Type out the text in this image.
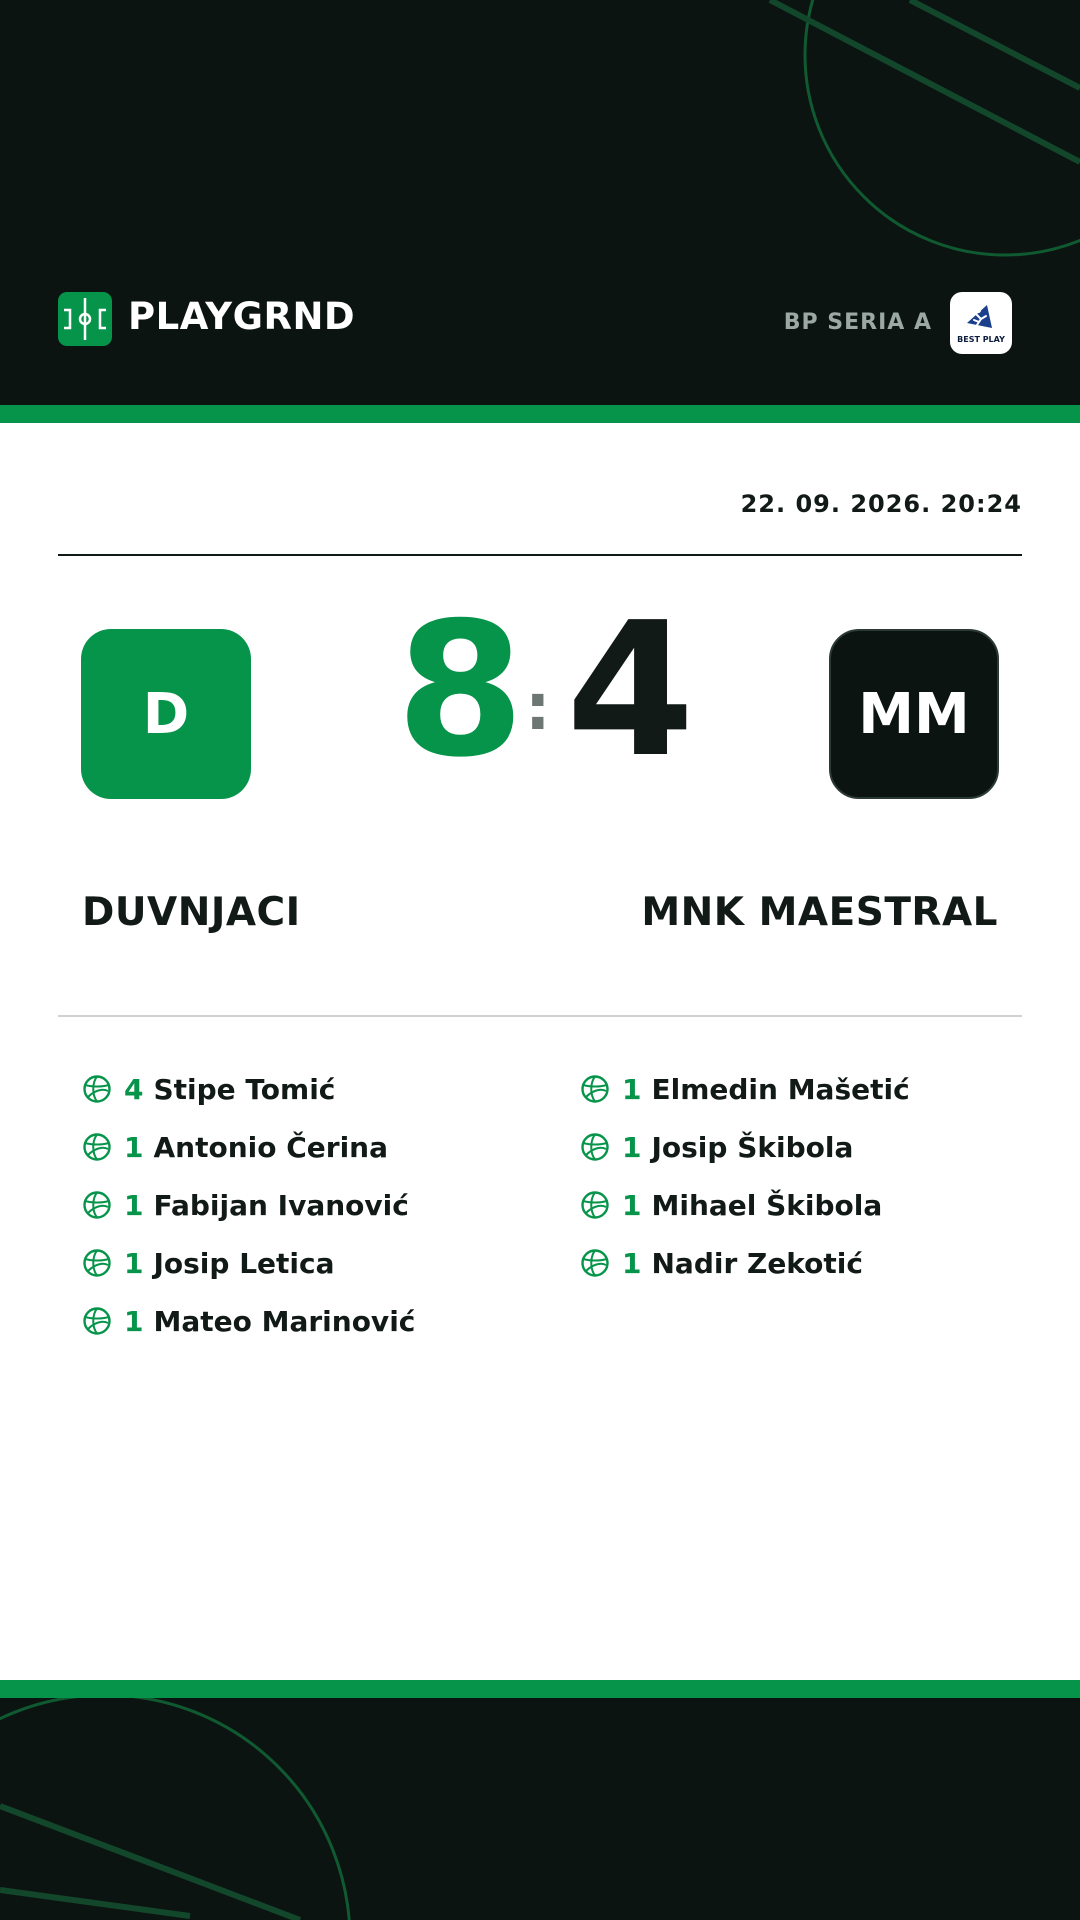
PLAYGRND	BP SERIA A
BEST PLAY
22. 09. 2026. 20:24
D	8 : 4	MM
DUVNJACI	MNK MAESTRAL
4 Stipe Tomić
1 Antonio Čerina
1 Fabijan Ivanović
1 Josip Letica
1 Mateo Marinović
1 Elmedin Mašetić
1 Josip Škibola
1 Mihael Škibola
1 Nadir Zekotić
